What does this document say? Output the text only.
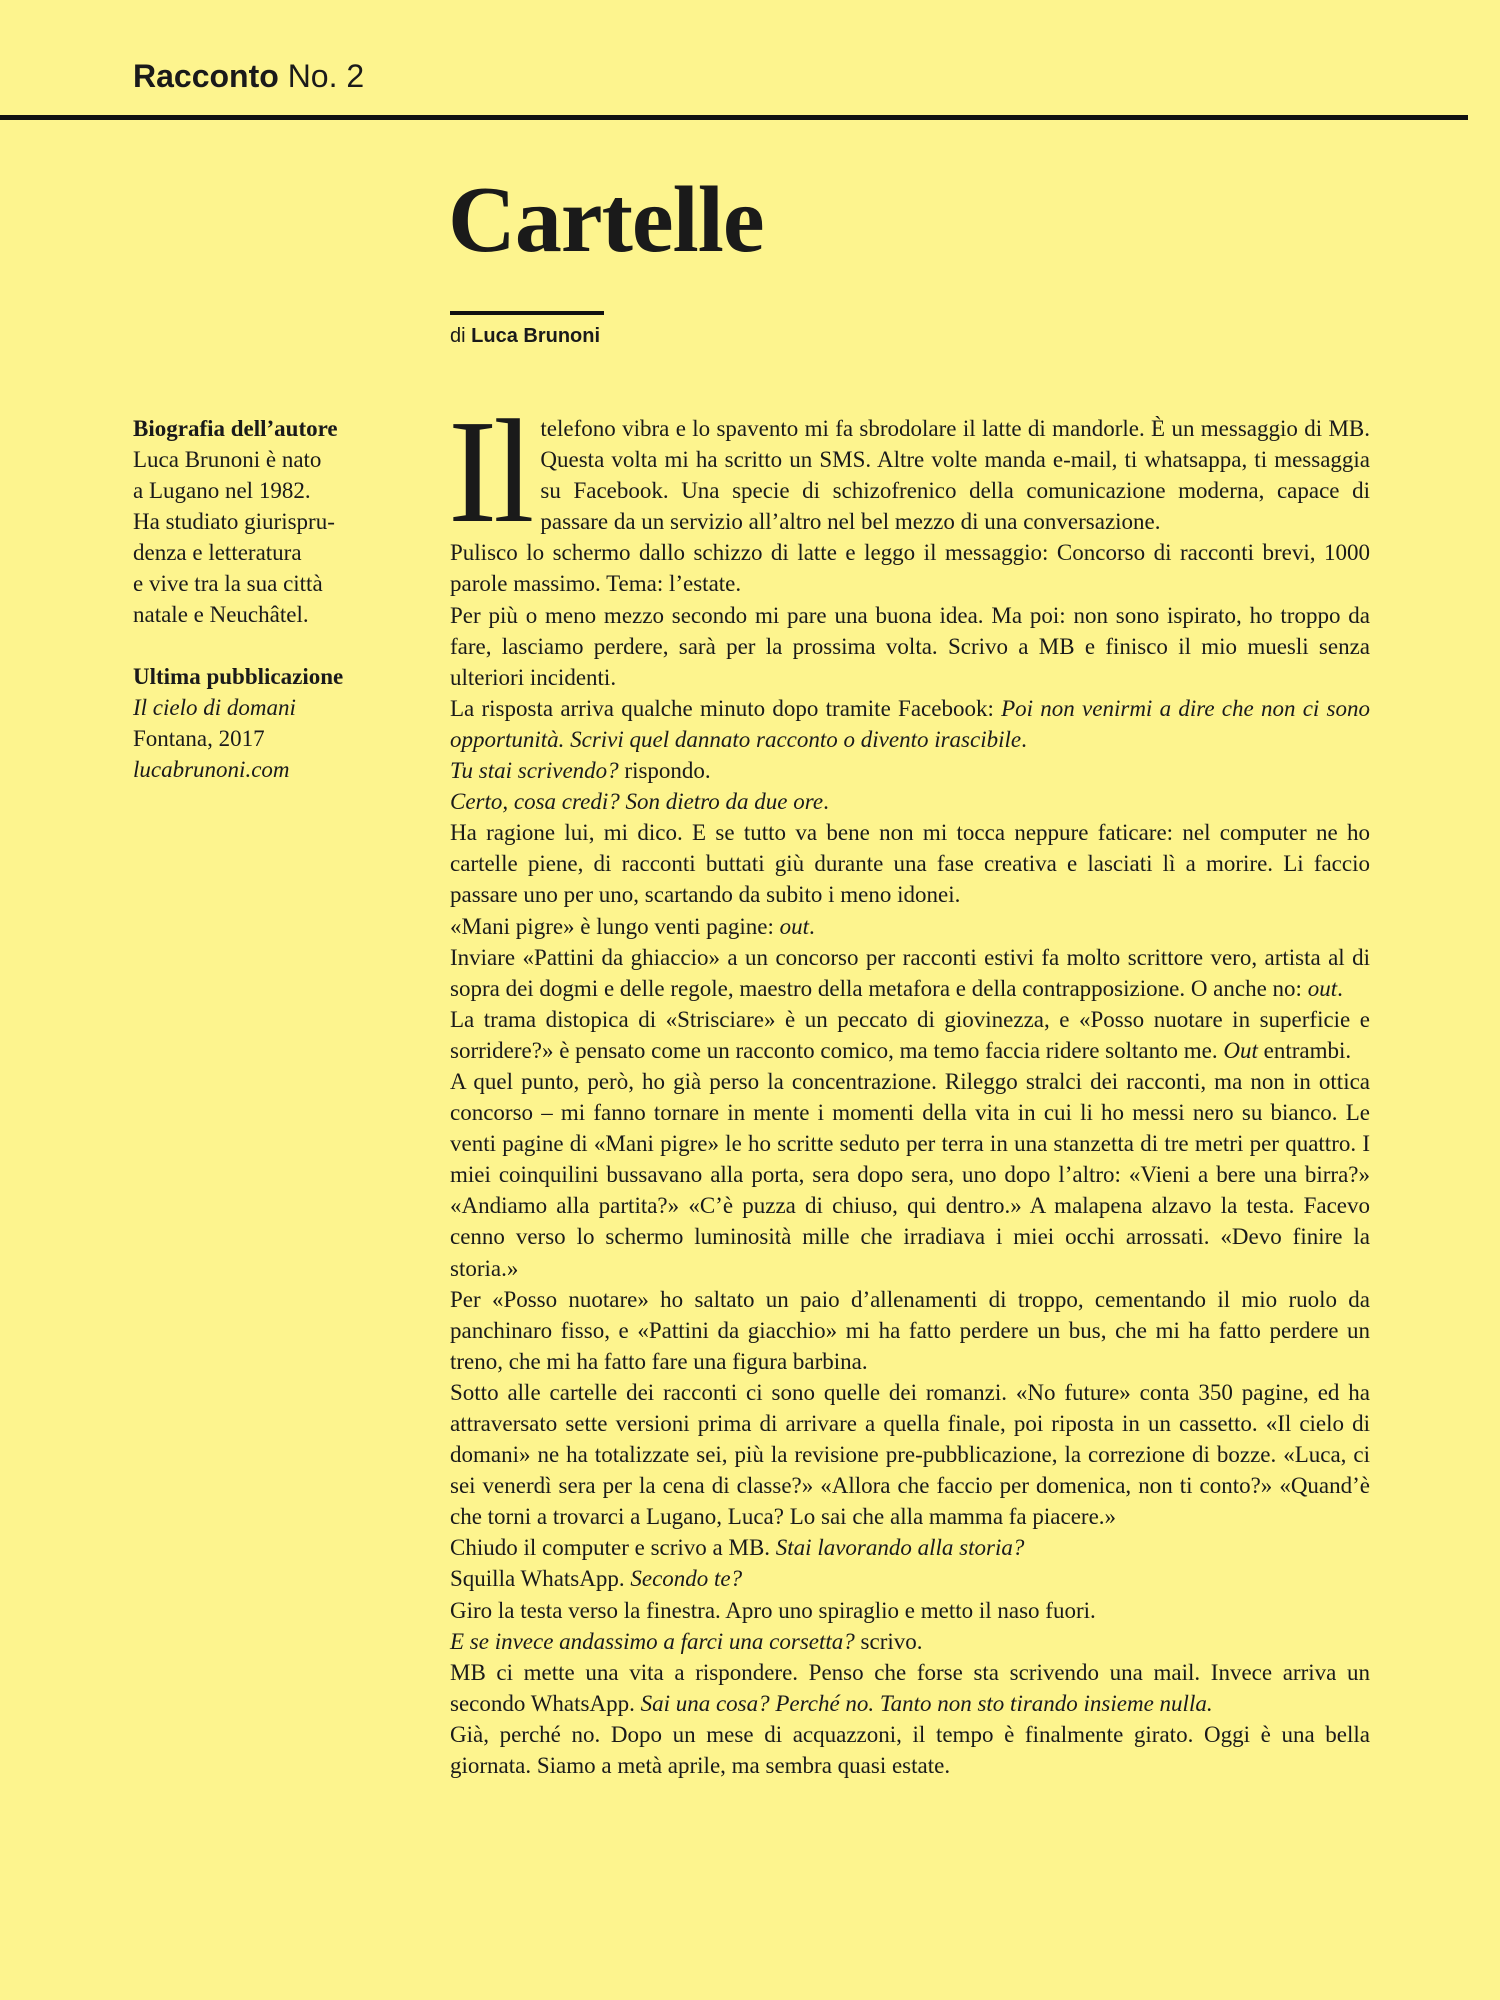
Racconto No. 2
Cartelle
di Luca Brunoni
Biografia dell’autore
Luca Brunoni è nato
a Lugano nel 1982.
Ha studiato giurispru-
denza e letteratura
e vive tra la sua città
natale e Neuchâtel.
Ultima pubblicazione
Il cielo di domani
Fontana, 2017
lucabrunoni.com

Il telefono vibra e lo spavento mi fa sbrodolare il latte di mandorle. È un messaggio di MB. Questa volta mi ha scritto un SMS. Altre volte manda e-mail, ti whatsappa, ti messaggia su Facebook. Una specie di schizofrenico della comunicazione moderna, capace di passare da un servizio all’altro nel bel mezzo di una conversazione.

Pulisco lo schermo dallo schizzo di latte e leggo il messaggio: Concorso di racconti brevi, 1000 parole massimo. Tema: l’estate.

Per più o meno mezzo secondo mi pare una buona idea. Ma poi: non sono ispirato, ho troppo da fare, lasciamo perdere, sarà per la prossima volta. Scrivo a MB e finisco il mio muesli senza ulteriori incidenti.

La risposta arriva qualche minuto dopo tramite Facebook: Poi non venirmi a dire che non ci sono opportunità. Scrivi quel dannato racconto o divento irascibile.

Tu stai scrivendo? rispondo.

Certo, cosa credi? Son dietro da due ore.

Ha ragione lui, mi dico. E se tutto va bene non mi tocca neppure faticare: nel computer ne ho cartelle piene, di racconti buttati giù durante una fase creativa e lasciati lì a morire. Li faccio passare uno per uno, scartando da subito i meno idonei.

«Mani pigre» è lungo venti pagine: out.

Inviare «Pattini da ghiaccio» a un concorso per racconti estivi fa molto scrittore vero, artista al di sopra dei dogmi e delle regole, maestro della metafora e della contrapposizione. O anche no: out.

La trama distopica di «Strisciare» è un peccato di giovinezza, e «Posso nuotare in superficie e sorridere?» è pensato come un racconto comico, ma temo faccia ridere soltanto me. Out entrambi.

A quel punto, però, ho già perso la concentrazione. Rileggo stralci dei racconti, ma non in ottica concorso – mi fanno tornare in mente i momenti della vita in cui li ho messi nero su bianco. Le venti pagine di «Mani pigre» le ho scritte seduto per terra in una stanzetta di tre metri per quattro. I miei coinquilini bussavano alla porta, sera dopo sera, uno dopo l’altro: «Vieni a bere una birra?» «Andiamo alla partita?» «C’è puzza di chiuso, qui dentro.» A malapena alzavo la testa. Facevo cenno verso lo schermo luminosità mille che irradiava i miei occhi arrossati. «Devo finire la storia.»

Per «Posso nuotare» ho saltato un paio d’allenamenti di troppo, cementando il mio ruolo da panchinaro fisso, e «Pattini da giacchio» mi ha fatto perdere un bus, che mi ha fatto perdere un treno, che mi ha fatto fare una figura barbina.

Sotto alle cartelle dei racconti ci sono quelle dei romanzi. «No future» conta 350 pagine, ed ha attraversato sette versioni prima di arrivare a quella finale, poi riposta in un cassetto. «Il cielo di domani» ne ha totalizzate sei, più la revisione pre-pubblicazione, la correzione di bozze. «Luca, ci sei venerdì sera per la cena di classe?» «Allora che faccio per domenica, non ti conto?» «Quand’è che torni a trovarci a Lugano, Luca? Lo sai che alla mamma fa piacere.»

Chiudo il computer e scrivo a MB. Stai lavorando alla storia?

Squilla WhatsApp. Secondo te?

Giro la testa verso la finestra. Apro uno spiraglio e metto il naso fuori.

E se invece andassimo a farci una corsetta? scrivo.

MB ci mette una vita a rispondere. Penso che forse sta scrivendo una mail. Invece arriva un secondo WhatsApp. Sai una cosa? Perché no. Tanto non sto tirando insieme nulla.

Già, perché no. Dopo un mese di acquazzoni, il tempo è finalmente girato. Oggi è una bella giornata. Siamo a metà aprile, ma sembra quasi estate.
